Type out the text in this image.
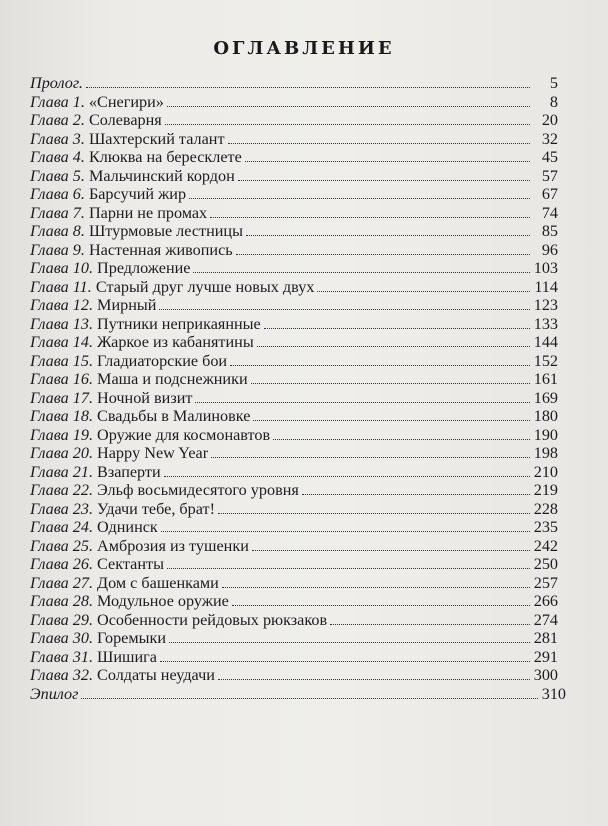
ОГЛАВЛЕНИЕ
Пролог.	5
Глава 1. «Снегири»	8
Глава 2. Солеварня	20
Глава 3. Шахтерский талант	32
Глава 4. Клюква на бересклете	45
Глава 5. Мальчинский кордон	57
Глава 6. Барсучий жир	67
Глава 7. Парни не промах	74
Глава 8. Штурмовые лестницы	85
Глава 9. Настенная живопись	96
Глава 10. Предложение	103
Глава 11. Старый друг лучше новых двух	114
Глава 12. Мирный	123
Глава 13. Путники неприкаянные	133
Глава 14. Жаркое из кабанятины	144
Глава 15. Гладиаторские бои	152
Глава 16. Маша и подснежники	161
Глава 17. Ночной визит	169
Глава 18. Свадьбы в Малиновке	180
Глава 19. Оружие для космонавтов	190
Глава 20. Happy New Year	198
Глава 21. Взаперти	210
Глава 22. Эльф восьмидесятого уровня	219
Глава 23. Удачи тебе, брат!	228
Глава 24. Однинск	235
Глава 25. Амброзия из тушенки	242
Глава 26. Сектанты	250
Глава 27. Дом с башенками	257
Глава 28. Модульное оружие	266
Глава 29. Особенности рейдовых рюкзаков	274
Глава 30. Горемыки	281
Глава 31. Шишига	291
Глава 32. Солдаты неудачи	300
Эпилог	310
